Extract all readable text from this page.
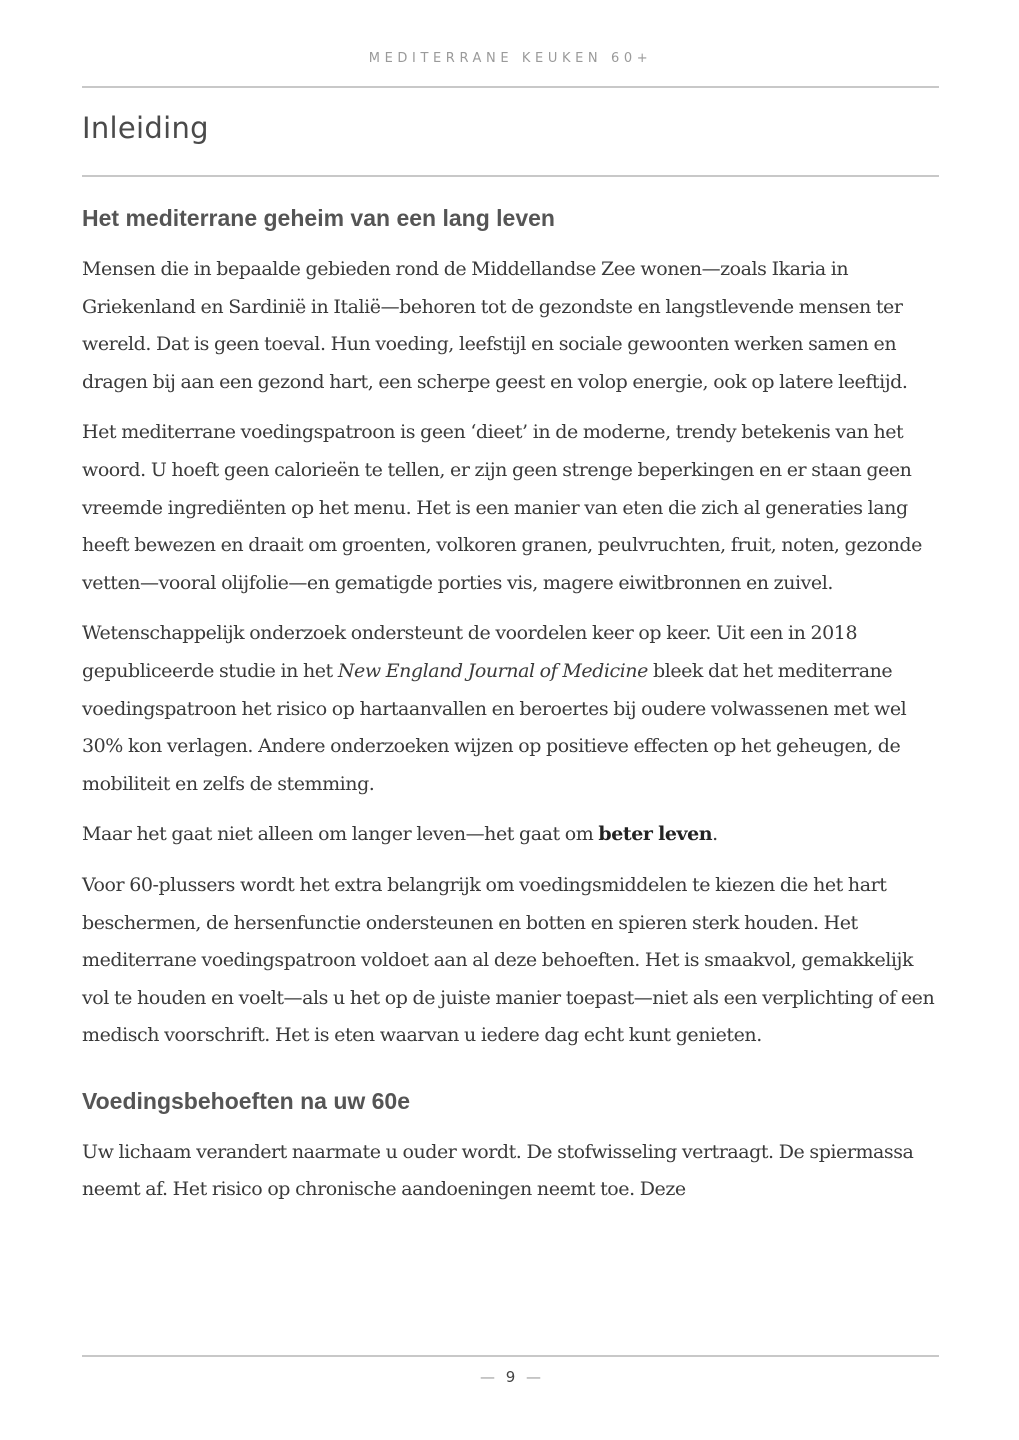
MEDITERRANE KEUKEN 60+
Inleiding
Het mediterrane geheim van een lang leven

Mensen die in bepaalde gebieden rond de Middellandse Zee wonen—zoals Ikaria in Griekenland en Sardinië in Italië—behoren tot de gezondste en langstlevende mensen ter wereld. Dat is geen toeval. Hun voeding, leefstijl en sociale gewoonten werken samen en dragen bij aan een gezond hart, een scherpe geest en volop energie, ook op latere leeftijd.

Het mediterrane voedingspatroon is geen ‘dieet’ in de moderne, trendy betekenis van het woord. U hoeft geen calorieën te tellen, er zijn geen strenge beperkingen en er staan geen vreemde ingrediënten op het menu. Het is een manier van eten die zich al generaties lang heeft bewezen en draait om groenten, volkoren granen, peulvruchten, fruit, noten, gezonde vetten—vooral olijfolie—en gematigde porties vis, magere eiwitbronnen en zuivel.

Wetenschappelijk onderzoek ondersteunt de voordelen keer op keer. Uit een in 2018 gepubliceerde studie in het New England Journal of Medicine bleek dat het mediterrane voedingspatroon het risico op hartaanvallen en beroertes bij oudere volwassenen met wel 30% kon verlagen. Andere onderzoeken wijzen op positieve effecten op het geheugen, de mobiliteit en zelfs de stemming.

Maar het gaat niet alleen om langer leven—het gaat om beter leven.

Voor 60-plussers wordt het extra belangrijk om voedingsmiddelen te kiezen die het hart beschermen, de hersenfunctie ondersteunen en botten en spieren sterk houden. Het mediterrane voedingspatroon voldoet aan al deze behoeften. Het is smaakvol, gemakkelijk vol te houden en voelt—als u het op de juiste manier toepast—niet als een verplichting of een medisch voorschrift. Het is eten waarvan u iedere dag echt kunt genieten.

Voedingsbehoeften na uw 60e

Uw lichaam verandert naarmate u ouder wordt. De stofwisseling vertraagt. De spiermassa neemt af. Het risico op chronische aandoeningen neemt toe. Deze

— 9 —
